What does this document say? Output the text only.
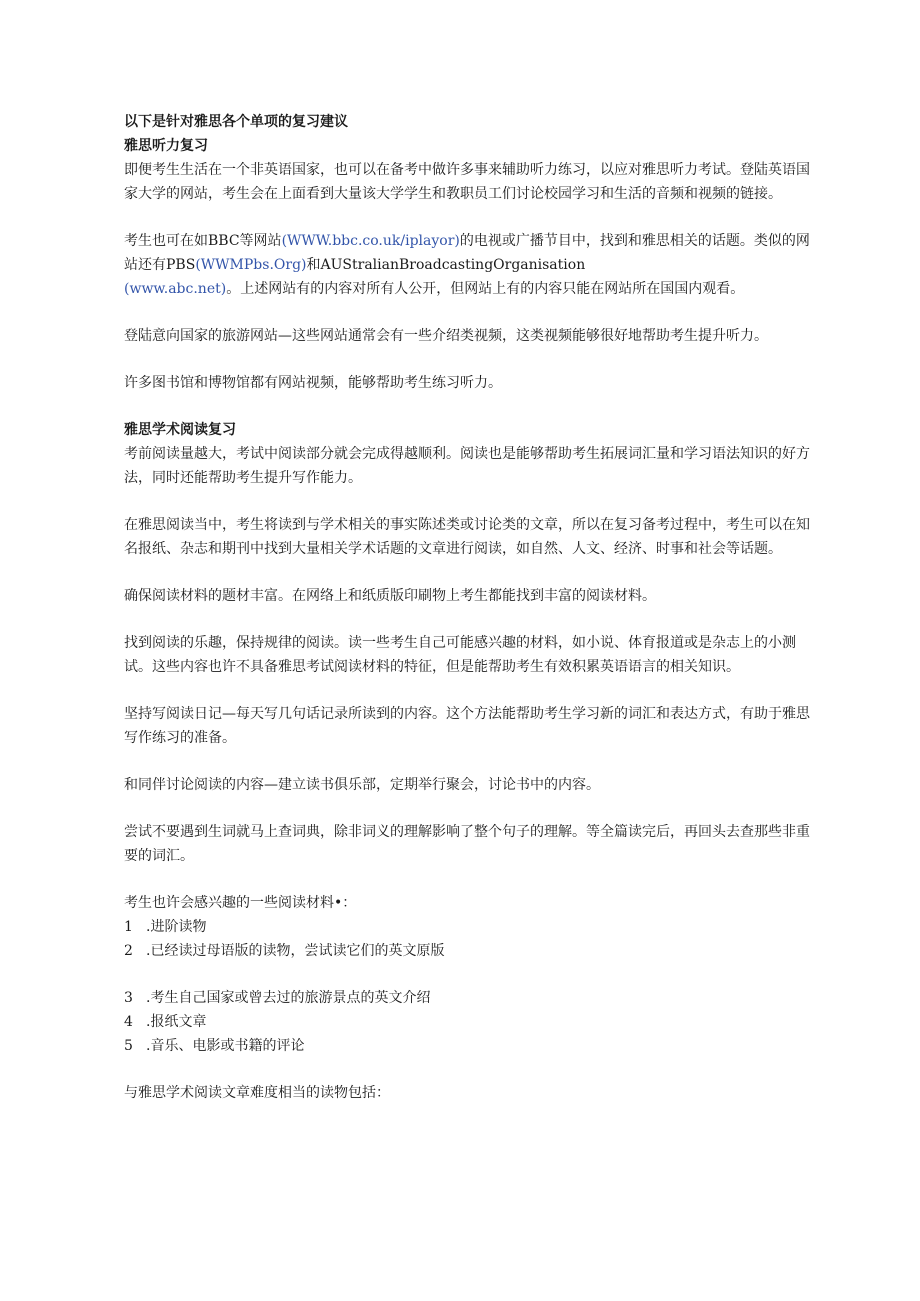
以下是针对雅思各个单项的复习建议

雅思听力复习

即便考生生活在一个非英语国家，也可以在备考中做许多事来辅助听力练习，以应对雅思听力考试。登陆英语国家大学的网站，考生会在上面看到大量该大学学生和教职员工们讨论校园学习和生活的音频和视频的链接。

考生也可在如BBC等网站(WWW.bbc.co.uk/iplayor)的电视或广播节目中，找到和雅思相关的话题。类似的网站还有PBS(WWMPbs.Org)和AUStralianBroadcastingOrganisation
(www.abc.net)。上述网站有的内容对所有人公开，但网站上有的内容只能在网站所在国国内观看。

登陆意向国家的旅游网站—这些网站通常会有一些介绍类视频，这类视频能够很好地帮助考生提升听力。

许多图书馆和博物馆都有网站视频，能够帮助考生练习听力。

雅思学术阅读复习

考前阅读量越大，考试中阅读部分就会完成得越顺利。阅读也是能够帮助考生拓展词汇量和学习语法知识的好方法，同时还能帮助考生提升写作能力。

在雅思阅读当中，考生将读到与学术相关的事实陈述类或讨论类的文章，所以在复习备考过程中，考生可以在知名报纸、杂志和期刊中找到大量相关学术话题的文章进行阅读，如自然、人文、经济、时事和社会等话题。

确保阅读材料的题材丰富。在网络上和纸质版印刷物上考生都能找到丰富的阅读材料。

找到阅读的乐趣，保持规律的阅读。读一些考生自己可能感兴趣的材料，如小说、体育报道或是杂志上的小测试。这些内容也许不具备雅思考试阅读材料的特征，但是能帮助考生有效积累英语语言的相关知识。

坚持写阅读日记—每天写几句话记录所读到的内容。这个方法能帮助考生学习新的词汇和表达方式，有助于雅思写作练习的准备。

和同伴讨论阅读的内容—建立读书俱乐部，定期举行聚会，讨论书中的内容。

尝试不要遇到生词就马上查词典，除非词义的理解影响了整个句子的理解。等全篇读完后，再回头去查那些非重要的词汇。

考生也许会感兴趣的一些阅读材料•：

1 .进阶读物
2 .已经读过母语版的读物，尝试读它们的英文原版
3 .考生自己国家或曾去过的旅游景点的英文介绍
4 .报纸文章
5 .音乐、电影或书籍的评论

与雅思学术阅读文章难度相当的读物包括：
